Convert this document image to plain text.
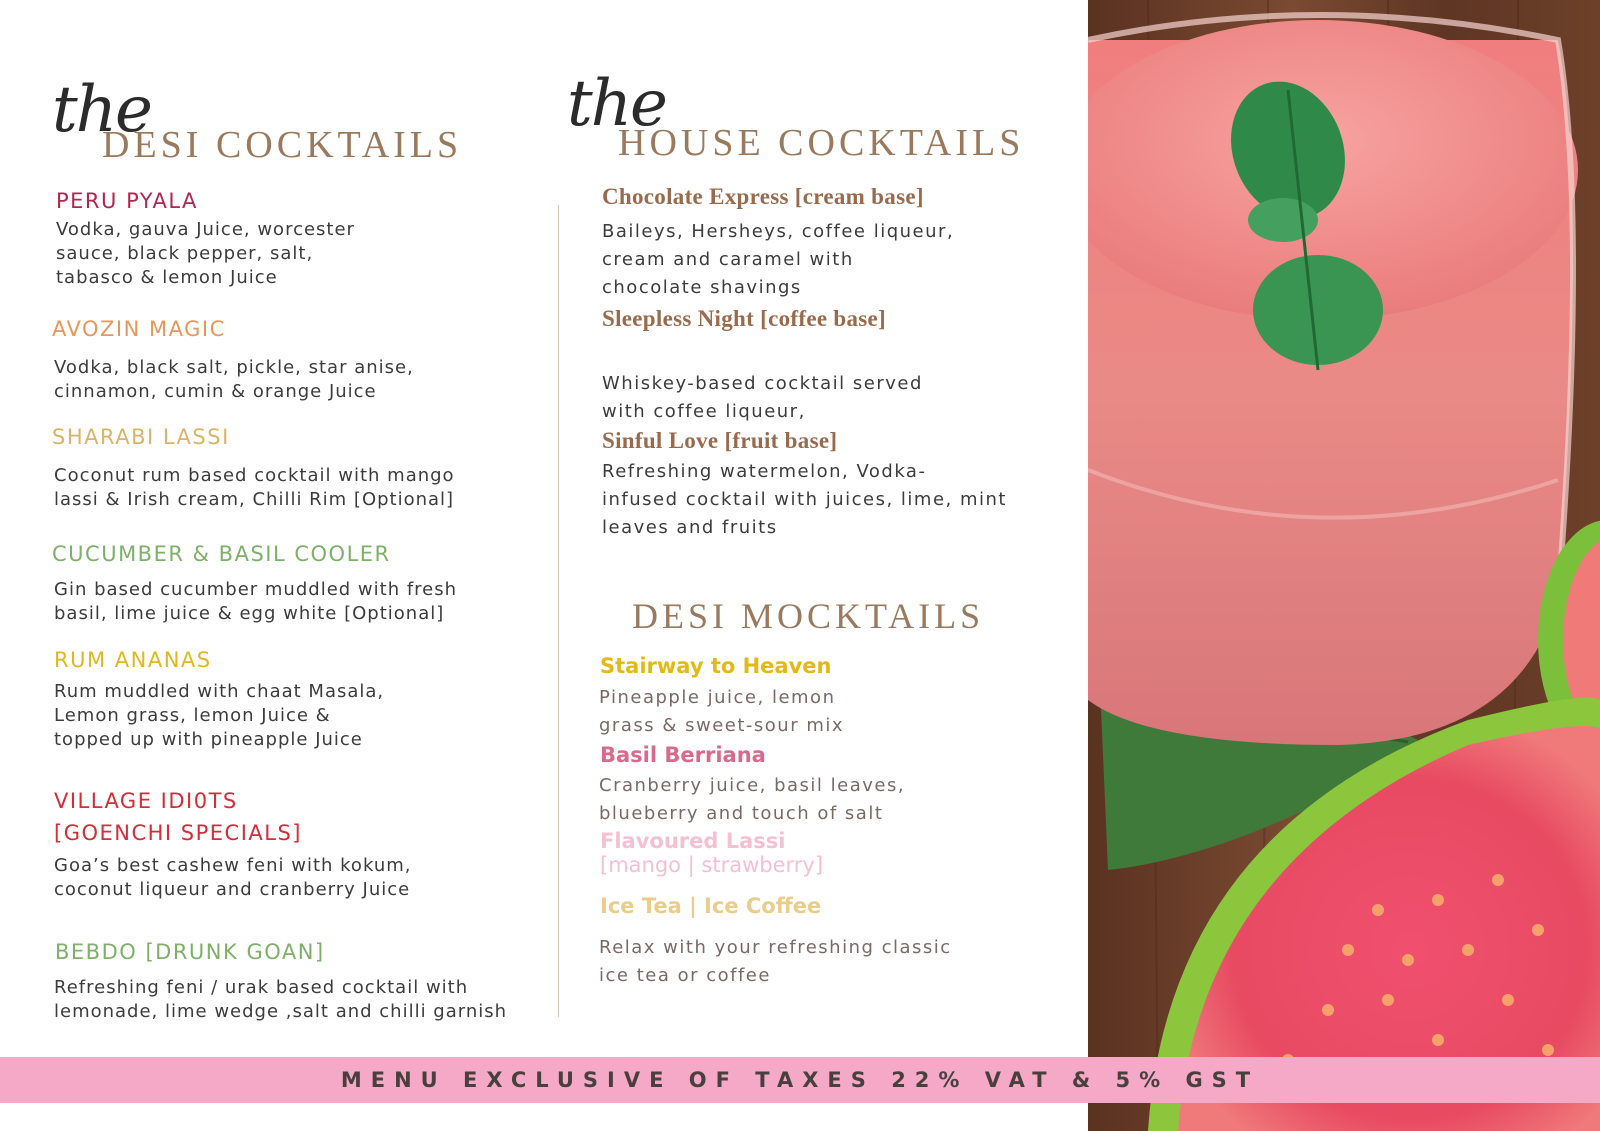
the
DESI COCKTAILS
PERU PYALA
Vodka, gauva Juice, worcester
sauce, black pepper, salt,
tabasco & lemon Juice
AVOZIN MAGIC
Vodka, black salt, pickle, star anise,
cinnamon, cumin & orange Juice
SHARABI LASSI
Coconut rum based cocktail with mango
lassi & Irish cream, Chilli Rim [Optional]
CUCUMBER & BASIL COOLER
Gin based cucumber muddled with fresh
basil, lime juice & egg white [Optional]
RUM ANANAS
Rum muddled with chaat Masala,
Lemon grass, lemon Juice &
topped up with pineapple Juice
VILLAGE IDI0TS
[GOENCHI SPECIALS]
Goa’s best cashew feni with kokum,
coconut liqueur and cranberry Juice
BEBDO [DRUNK GOAN]
Refreshing feni / urak based cocktail with
lemonade, lime wedge ,salt and chilli garnish
the
HOUSE COCKTAILS
Chocolate Express [cream base]
Baileys, Hersheys, coffee liqueur,
cream and caramel with
chocolate shavings
Sleepless Night [coffee base]
Whiskey-based cocktail served
with coffee liqueur,
Sinful Love [fruit base]
Refreshing watermelon, Vodka-
infused cocktail with juices, lime, mint
leaves and fruits
DESI MOCKTAILS
Stairway to Heaven
Pineapple juice, lemon
grass & sweet-sour mix
Basil Berriana
Cranberry juice, basil leaves,
blueberry and touch of salt
Flavoured Lassi
[mango | strawberry]
Ice Tea | Ice Coffee
Relax with your refreshing classic
ice tea or coffee
MENU EXCLUSIVE OF TAXES 22% VAT & 5% GST
